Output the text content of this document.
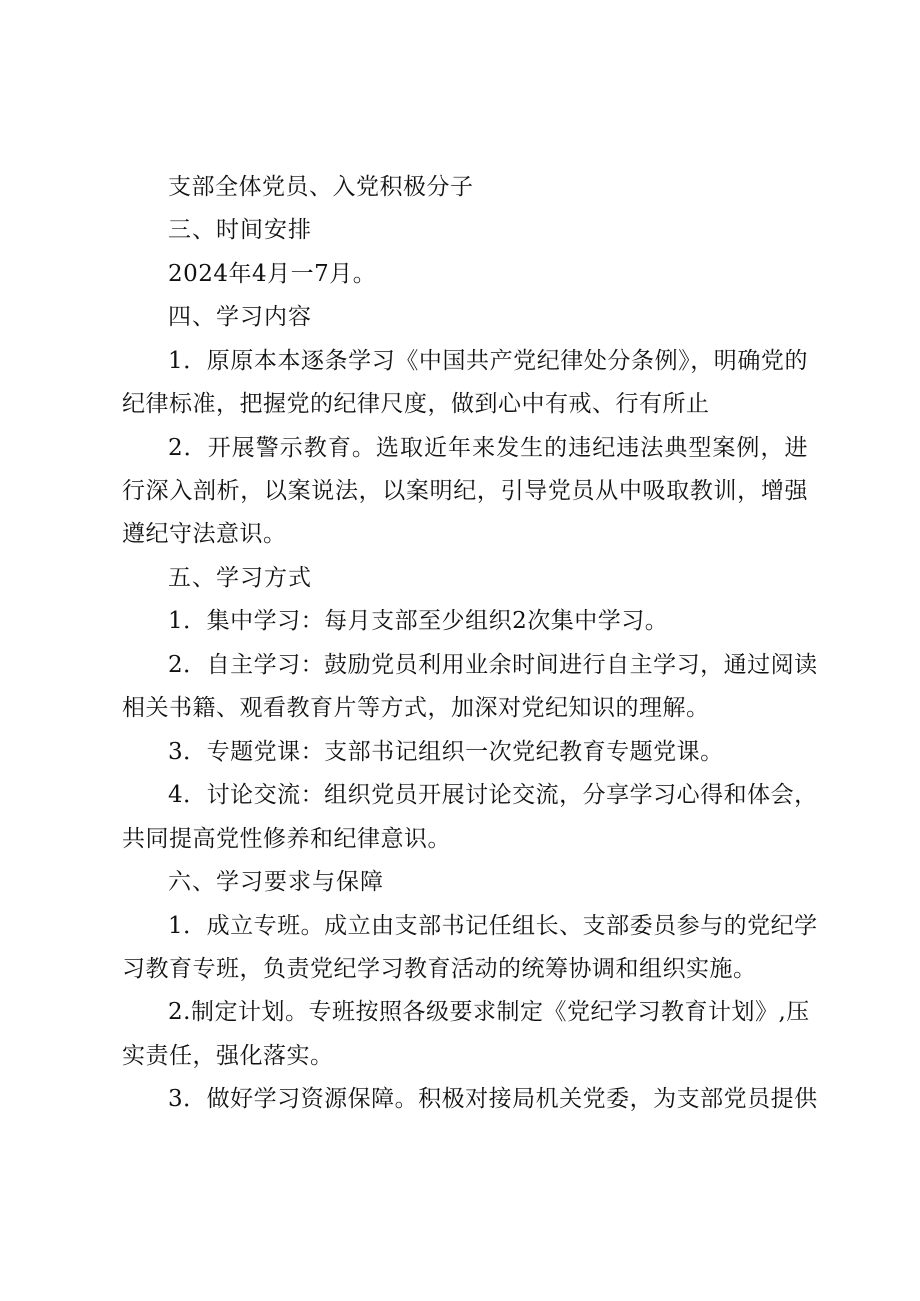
支部全体党员、入党积极分子
三、时间安排
2024年4月一7月。
四、学习内容
1．原原本本逐条学习《中国共产党纪律处分条例》，明确党的
纪律标准，把握党的纪律尺度，做到心中有戒、行有所止
2．开展警示教育。选取近年来发生的违纪违法典型案例，进
行深入剖析，以案说法，以案明纪，引导党员从中吸取教训，增强
遵纪守法意识。
五、学习方式
1．集中学习：每月支部至少组织2次集中学习。
2．自主学习：鼓励党员利用业余时间进行自主学习，通过阅读
相关书籍、观看教育片等方式，加深对党纪知识的理解。
3．专题党课：支部书记组织一次党纪教育专题党课。
4．讨论交流：组织党员开展讨论交流，分享学习心得和体会，
共同提高党性修养和纪律意识。
六、学习要求与保障
1．成立专班。成立由支部书记任组长、支部委员参与的党纪学
习教育专班，负责党纪学习教育活动的统筹协调和组织实施。
2.制定计划。专班按照各级要求制定《党纪学习教育计划》,压
实责任，强化落实。
3．做好学习资源保障。积极对接局机关党委，为支部党员提供
